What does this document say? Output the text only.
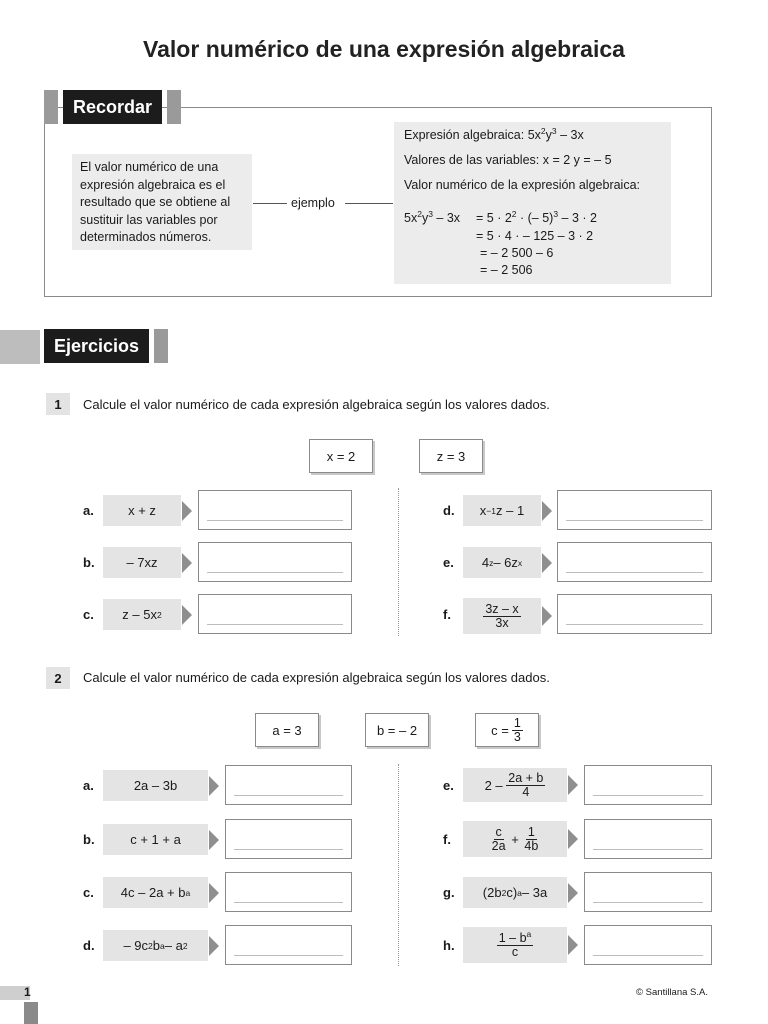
Valor numérico de una expresión algebraica
Recordar
El valor numérico de una expresión algebraica es el resultado que se obtiene al sustituir las variables por determinados números.
ejemplo
Expresión algebraica: $5x^2y^3 - 3x$
Valores de las variables: x = 2 y = – 5
Valor numérico de la expresión algebraica:
$5x^2y^3 - 3x = 5 \cdot 2^2$ · (– 5)$^3$ – 3 · 2
= 5 · 4 · – 125 – 3 · 2
= – 2 500 – 6
= – 2 506
Ejercicios
1	Calcule el valor numérico de cada expresión algebraica según los valores dados.
x = 2	z = 3
a.	x + z
b.	– 7xz
c.	z – 5x 2
d.	x −1 z – 1
e.	4 z – 6z x
f.	$\frac{3z - x}{3x}$
2	Calcule el valor numérico de cada expresión algebraica según los valores dados.
a = 3	b = – 2	$c = \frac{1}{3}$
a.	2a – 3b
b.	c + 1 + a
c.	4c – 2a + b a
d.	– 9c 2 b a – a 2
e.	$2 - \frac{2a + b}{4}$
f.	$\frac{c}{2a} + \frac{1}{4b}$
g.	(2b 2 c) a – 3a
h.	$\frac{1 - b^a}{c}$
1	© Santillana S.A.
